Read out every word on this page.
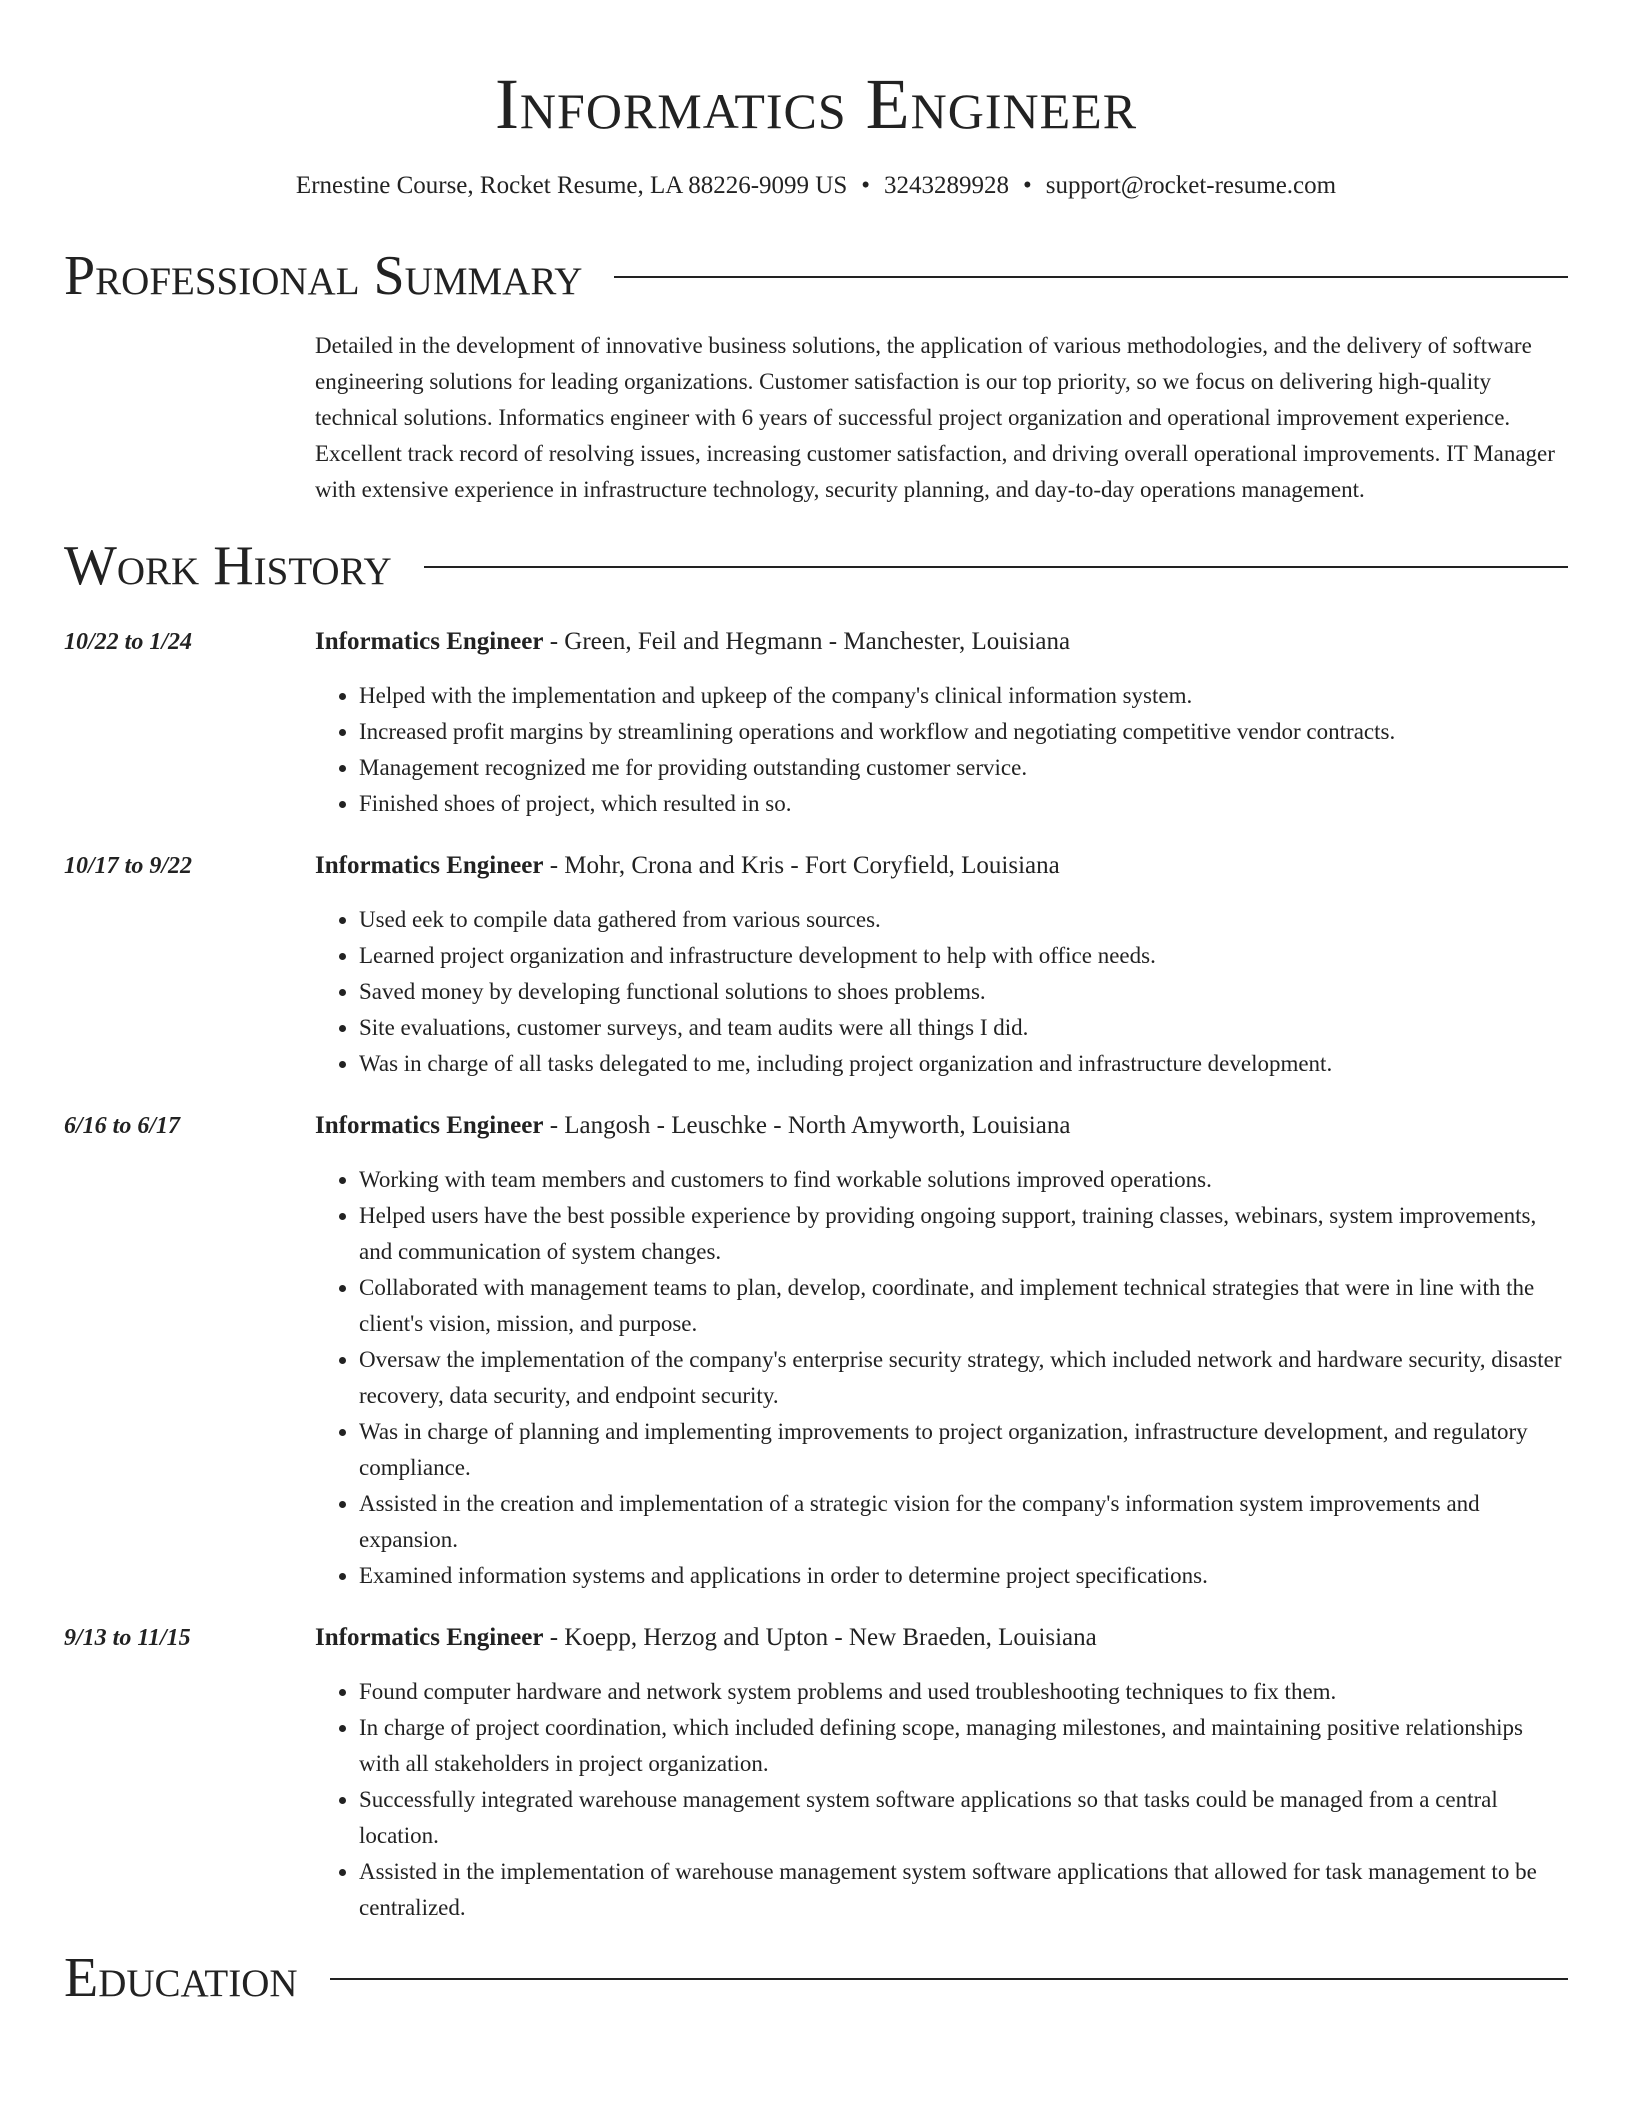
Informatics Engineer
Ernestine Course, Rocket Resume, LA 88226-9099 US • 3243289928 • support@rocket-resume.com
Professional Summary

Detailed in the development of innovative business solutions, the application of various methodologies, and the delivery of software engineering solutions for leading organizations. Customer satisfaction is our top priority, so we focus on delivering high-quality technical solutions. Informatics engineer with 6 years of successful project organization and operational improvement experience. Excellent track record of resolving issues, increasing customer satisfaction, and driving overall operational improvements. IT Manager with extensive experience in infrastructure technology, security planning, and day-to-day operations management.

Work History
10/22 to 1/24	Informatics Engineer - Green, Feil and Hegmann - Manchester, Louisiana
• Helped with the implementation and upkeep of the company's clinical information system.
• Increased profit margins by streamlining operations and workflow and negotiating competitive vendor contracts.
• Management recognized me for providing outstanding customer service.
• Finished shoes of project, which resulted in so.
10/17 to 9/22	Informatics Engineer - Mohr, Crona and Kris - Fort Coryfield, Louisiana
• Used eek to compile data gathered from various sources.
• Learned project organization and infrastructure development to help with office needs.
• Saved money by developing functional solutions to shoes problems.
• Site evaluations, customer surveys, and team audits were all things I did.
• Was in charge of all tasks delegated to me, including project organization and infrastructure development.
6/16 to 6/17	Informatics Engineer - Langosh - Leuschke - North Amyworth, Louisiana
• Working with team members and customers to find workable solutions improved operations.
• Helped users have the best possible experience by providing ongoing support, training classes, webinars, system improvements, and communication of system changes.
• Collaborated with management teams to plan, develop, coordinate, and implement technical strategies that were in line with the client's vision, mission, and purpose.
• Oversaw the implementation of the company's enterprise security strategy, which included network and hardware security, disaster recovery, data security, and endpoint security.
• Was in charge of planning and implementing improvements to project organization, infrastructure development, and regulatory compliance.
• Assisted in the creation and implementation of a strategic vision for the company's information system improvements and expansion.
• Examined information systems and applications in order to determine project specifications.
9/13 to 11/15	Informatics Engineer - Koepp, Herzog and Upton - New Braeden, Louisiana
• Found computer hardware and network system problems and used troubleshooting techniques to fix them.
• In charge of project coordination, which included defining scope, managing milestones, and maintaining positive relationships with all stakeholders in project organization.
• Successfully integrated warehouse management system software applications so that tasks could be managed from a central location.
• Assisted in the implementation of warehouse management system software applications that allowed for task management to be centralized.
Education
